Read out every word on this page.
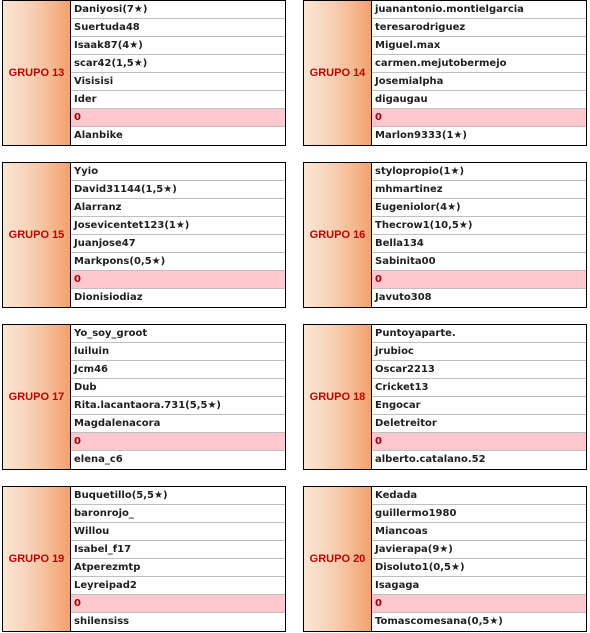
GRUPO 13
Daniyosi(7★)
Suertuda48
Isaak87(4★)
scar42(1,5★)
Visisisi
Ider
0
Alanbike
GRUPO 14
juanantonio.montielgarcia
teresarodriguez
Miguel.max
carmen.mejutobermejo
Josemialpha
digaugau
0
Marlon9333(1★)
GRUPO 15
Yyio
David31144(1,5★)
Alarranz
Josevicentet123(1★)
Juanjose47
Markpons(0,5★)
0
Dionisiodiaz
GRUPO 16
stylopropio(1★)
mhmartinez
Eugeniolor(4★)
Thecrow1(10,5★)
Bella134
Sabinita00
0
Javuto308
GRUPO 17
Yo_soy_groot
luiluin
Jcm46
Dub
Rita.lacantaora.731(5,5★)
Magdalenacora
0
elena_c6
GRUPO 18
Puntoyaparte.
jrubioc
Oscar2213
Cricket13
Engocar
Deletreitor
0
alberto.catalano.52
GRUPO 19
Buquetillo(5,5★)
baronrojo_
Willou
Isabel_f17
Atperezmtp
Leyreipad2
0
shilensiss
GRUPO 20
Kedada
guillermo1980
Miancoas
Javierapa(9★)
Disoluto1(0,5★)
Isagaga
0
Tomascomesana(0,5★)
